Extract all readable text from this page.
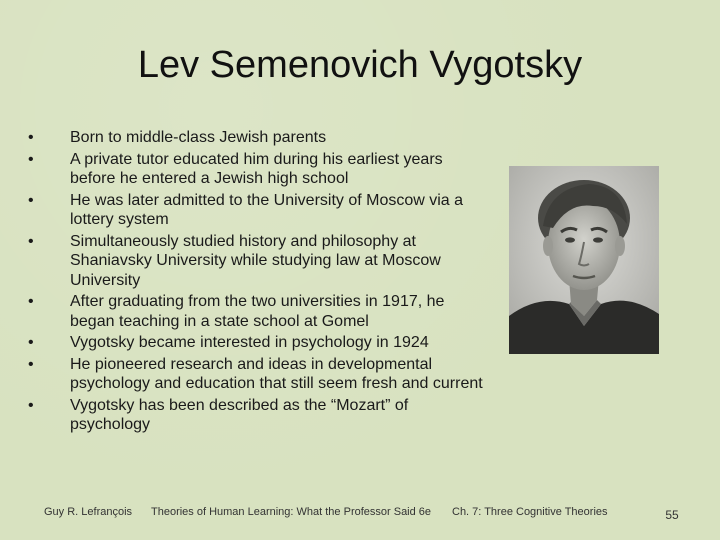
Lev Semenovich Vygotsky
•	Born to middle-class Jewish parents
•	A private tutor educated him during his earliest years before he entered a Jewish high school
•	He was later admitted to the University of Moscow via a lottery system
•	Simultaneously studied history and philosophy at Shaniavsky University while studying law at Moscow University
•	After graduating from the two universities in 1917, he began teaching in a state school at Gomel
•	Vygotsky became interested in psychology in 1924
•	He pioneered research and ideas in developmental psychology and education that still seem fresh and current
•	Vygotsky has been described as the “Mozart” of psychology
Guy R. Lefrançois Theories of Human Learning: What the Professor Said 6e Ch. 7: Three Cognitive Theories	55
